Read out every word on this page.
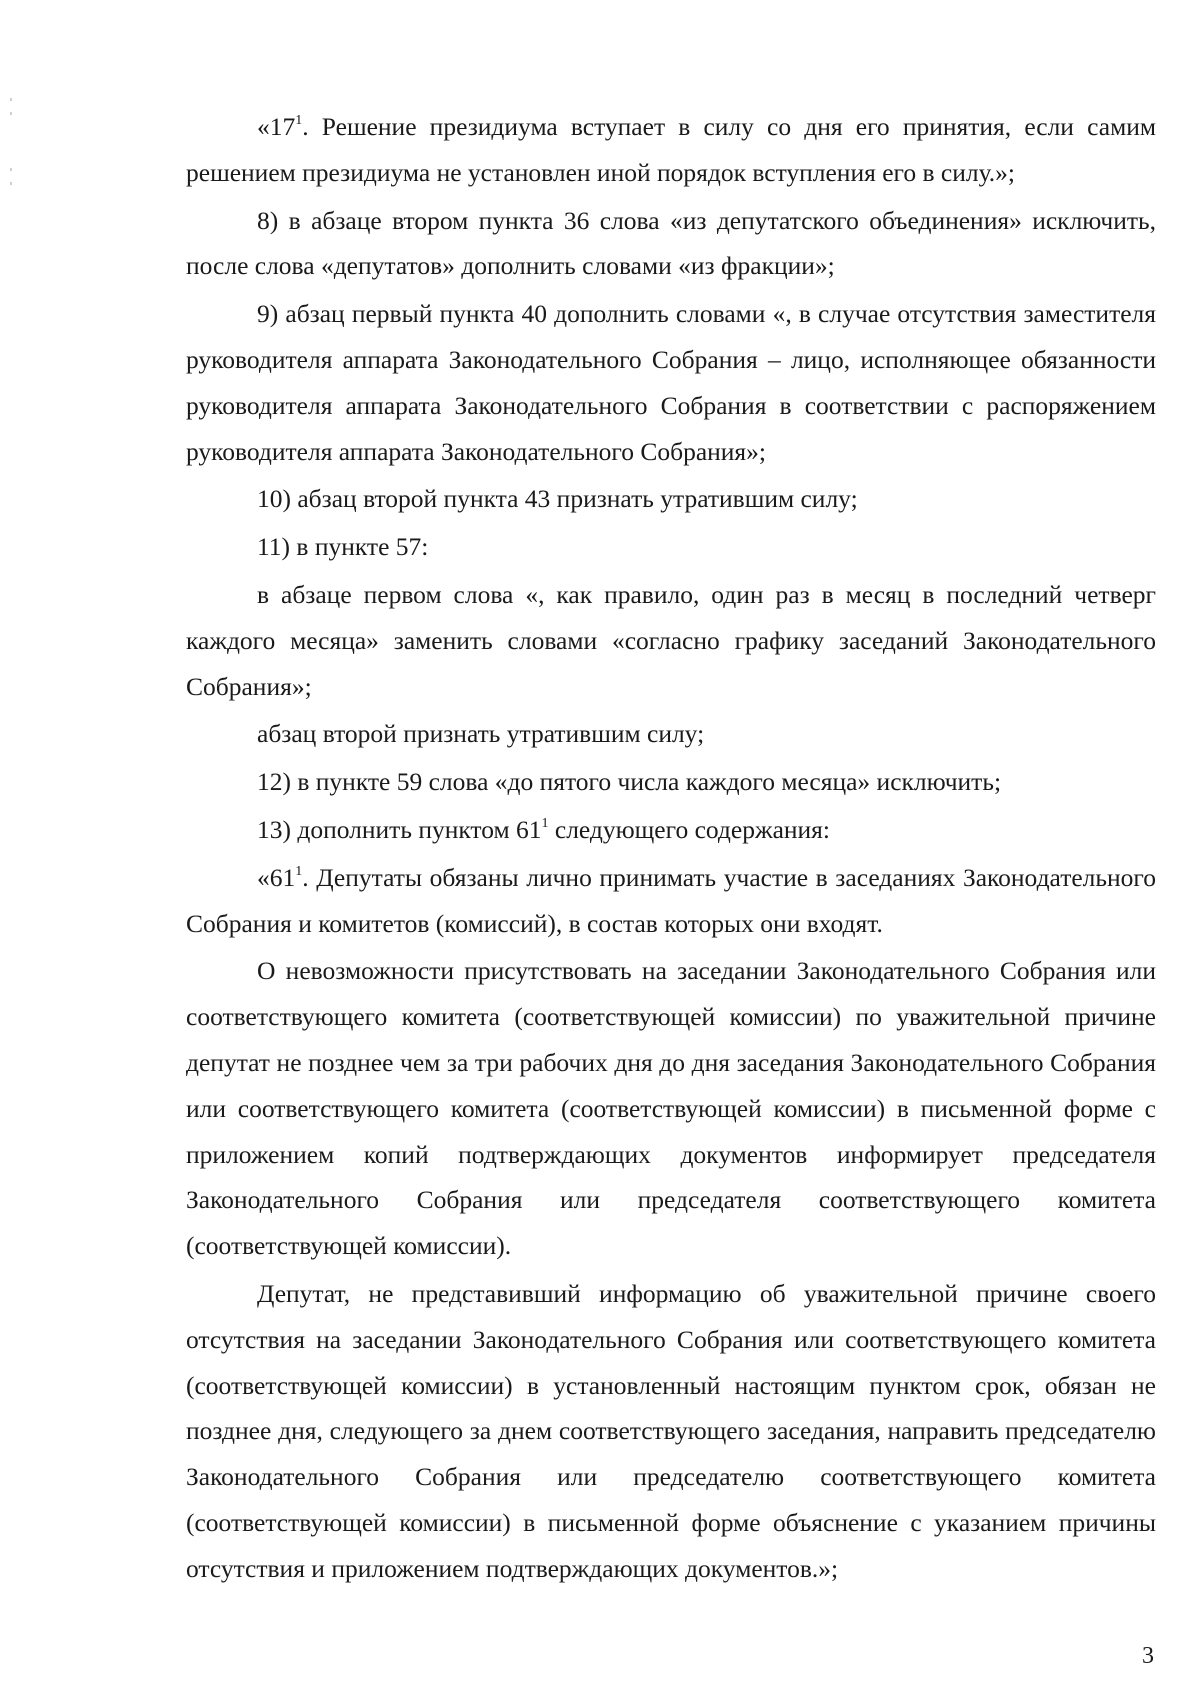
«$17^1$. Решение президиума вступает в силу со дня его принятия, если самим решением президиума не установлен иной порядок вступления его в силу.»;

8) в абзаце втором пункта 36 слова «из депутатского объединения» исключить, после слова «депутатов» дополнить словами «из фракции»;

9) абзац первый пункта 40 дополнить словами «, в случае отсутствия заместителя руководителя аппарата Законодательного Собрания – лицо, исполняющее обязанности руководителя аппарата Законодательного Собрания в соответствии с распоряжением руководителя аппарата Законодательного Собрания»;

10) абзац второй пункта 43 признать утратившим силу;

11) в пункте 57:

в абзаце первом слова «, как правило, один раз в месяц в последний четверг каждого месяца» заменить словами «согласно графику заседаний Законодательного Собрания»;

абзац второй признать утратившим силу;

12) в пункте 59 слова «до пятого числа каждого месяца» исключить;

13) дополнить пунктом $61^1$ следующего содержания:

«$61^1$. Депутаты обязаны лично принимать участие в заседаниях Законодательного Собрания и комитетов (комиссий), в состав которых они входят.

О невозможности присутствовать на заседании Законодательного Собрания или соответствующего комитета (соответствующей комиссии) по уважительной причине депутат не позднее чем за три рабочих дня до дня заседания Законодательного Собрания или соответствующего комитета (соответствующей комиссии) в письменной форме с приложением копий подтверждающих документов информирует председателя Законодательного Собрания или председателя соответствующего комитета (соответствующей комиссии).

Депутат, не представивший информацию об уважительной причине своего отсутствия на заседании Законодательного Собрания или соответствующего комитета (соответствующей комиссии) в установленный настоящим пунктом срок, обязан не позднее дня, следующего за днем соответствующего заседания, направить председателю Законодательного Собрания или председателю соответствующего комитета (соответствующей комиссии) в письменной форме объяснение с указанием причины отсутствия и приложением подтверждающих документов.»;

3
